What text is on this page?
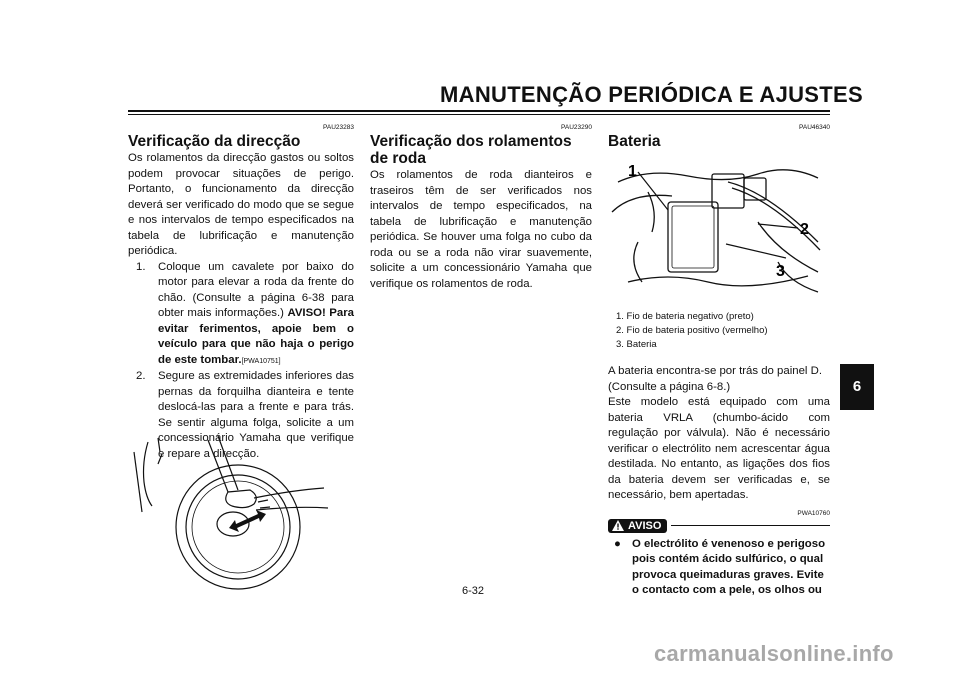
MANUTENÇÃO PERIÓDICA E AJUSTES
6
PAU23283
Verificação da direcção

Os rolamentos da direcção gastos ou soltos podem provocar situações de perigo. Portanto, o funcionamento da direcção deverá ser verificado do modo que se segue e nos intervalos de tempo especificados na tabela de lubrificação e manutenção periódica.

1.	Coloque um cavalete por baixo do motor para elevar a roda da frente do chão. (Consulte a página 6-38 para obter mais informações.) AVISO! Para evitar ferimentos, apoie bem o veículo para que não haja o perigo de este tombar.[PWA10751]
2.	Segure as extremidades inferiores das pernas da forquilha dianteira e tente deslocá-las para a frente e para trás. Se sentir alguma folga, solicite a um concessionário Yamaha que verifique e repare a direcção.
PAU23290
Verificação dos rolamentos de roda

Os rolamentos de roda dianteiros e traseiros têm de ser verificados nos intervalos de tempo especificados, na tabela de lubrificação e manutenção periódica. Se houver uma folga no cubo da roda ou se a roda não virar suavemente, solicite a um concessionário Yamaha que verifique os rolamentos de roda.

PAU46340
Bateria
1
2
3
1. Fio de bateria negativo (preto)
2. Fio de bateria positivo (vermelho)
3. Bateria

A bateria encontra-se por trás do painel D. (Consulte a página 6-8.)

Este modelo está equipado com uma bateria VRLA (chumbo-ácido com regulação por válvula). Não é necessário verificar o electrólito nem acrescentar água destilada. No entanto, as ligações dos fios da bateria devem ser verificadas e, se necessário, bem apertadas.

PWA10760
AVISO
● O electrólito é venenoso e perigoso pois contém ácido sulfúrico, o qual provoca queimaduras graves. Evite o contacto com a pele, os olhos ou
6-32
carmanualsonline.info
